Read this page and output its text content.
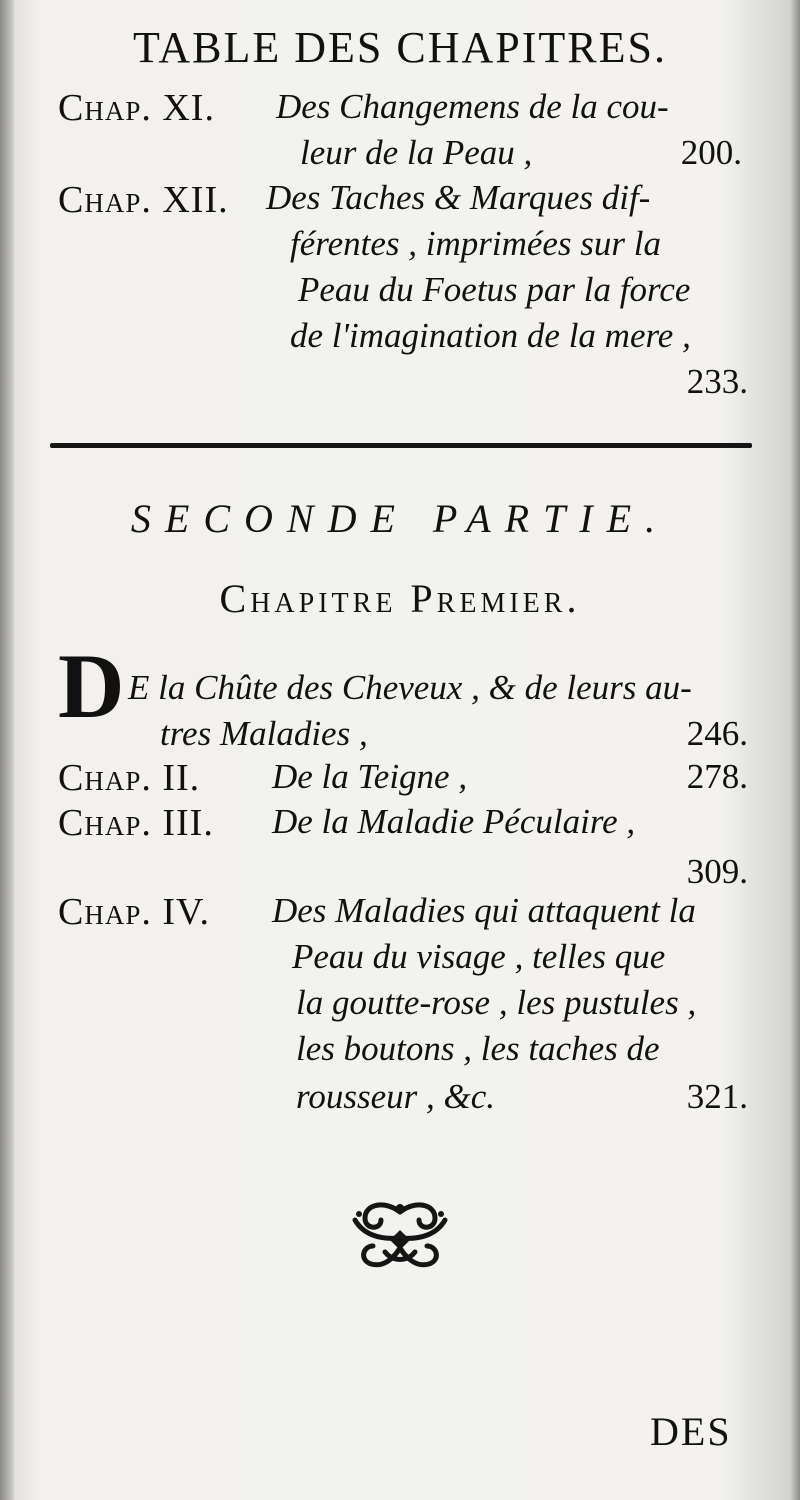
TABLE DES CHAPITRES.
Chap. XI. Des Changemens de la cou-
leur de la Peau ,	200.
Chap. XII. Des Taches & Marques dif-
férentes , imprimées sur la
Peau du Foetus par la force
de l'imagination de la mere ,
233.
SECONDE PARTIE.
Chapitre Premier.
D E la Chûte des Cheveux , & de leurs au-
tres Maladies ,	246.
Chap. II. De la Teigne ,	278.
Chap. III. De la Maladie Péculaire ,
309.
Chap. IV. Des Maladies qui attaquent la
Peau du visage , telles que
la goutte-rose , les pustules ,
les boutons , les taches de
rousseur , &c.	321.
DES
